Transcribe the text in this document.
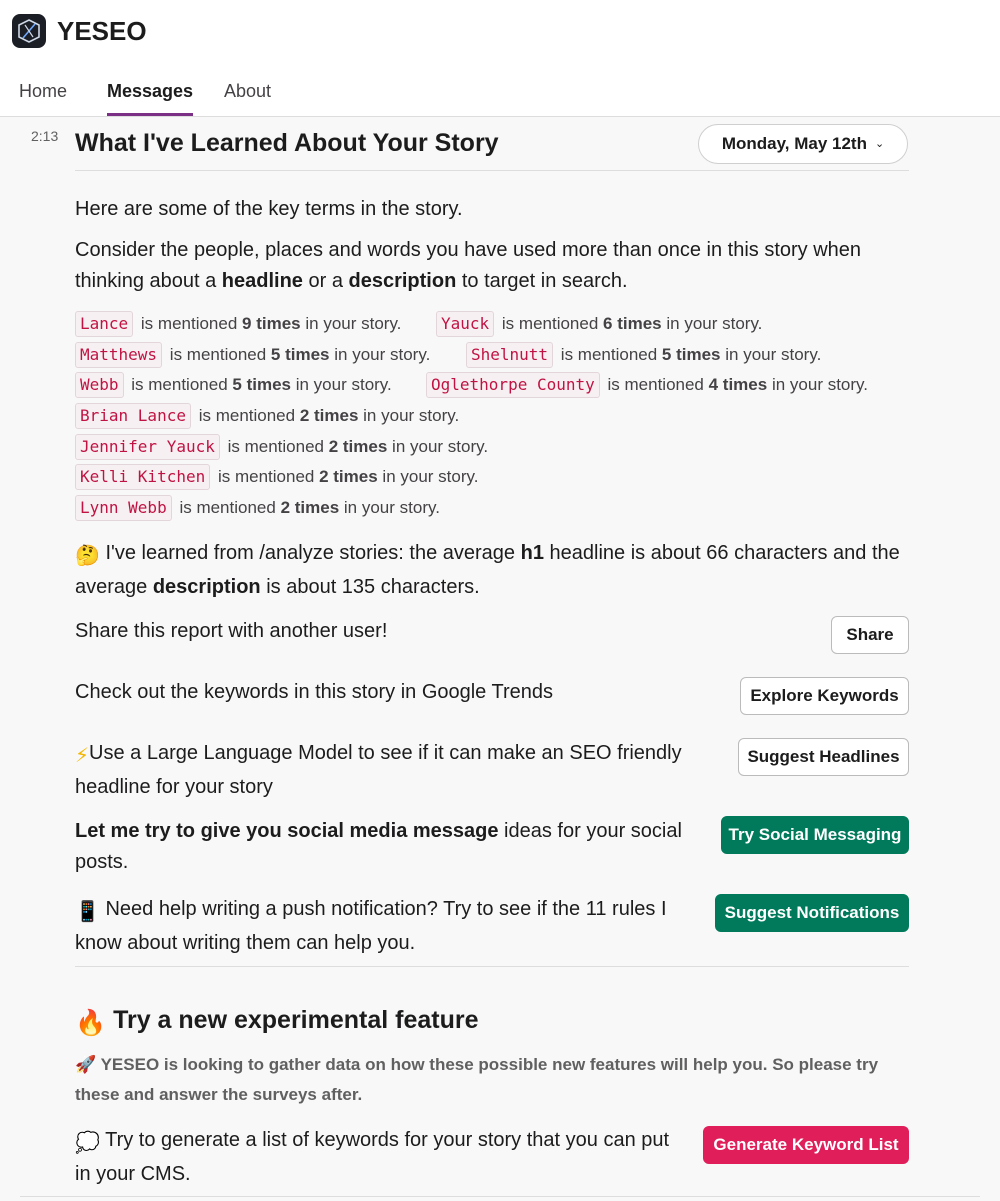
YESEO
Home Messages About
2:13 What I've Learned About Your Story	Monday, May 12th ⌄
Here are some of the key terms in the story.
Consider the people, places and words you have used more than once in this story when thinking about a headline or a description to target in search.
Lance is mentioned 9 times in your story.	Yauck is mentioned 6 times in your story.
Matthews is mentioned 5 times in your story.	Shelnutt is mentioned 5 times in your story.
Webb is mentioned 5 times in your story.	Oglethorpe County is mentioned 4 times in your story.
Brian Lance is mentioned 2 times in your story.
Jennifer Yauck is mentioned 2 times in your story.
Kelli Kitchen is mentioned 2 times in your story.
Lynn Webb is mentioned 2 times in your story.
🤔 I've learned from /analyze stories: the average h1 headline is about 66 characters and the average description is about 135 characters.
Share this report with another user!	Share
Check out the keywords in this story in Google Trends	Explore Keywords
⚡Use a Large Language Model to see if it can make an SEO friendly headline for your story
Suggest Headlines
Let me try to give you social media message ideas for your social posts.
Try Social Messaging
📱 Need help writing a push notification? Try to see if the 11 rules I know about writing them can help you.
Suggest Notifications
🔥 Try a new experimental feature
🚀 YESEO is looking to gather data on how these possible new features will help you. So please try these and answer the surveys after.
💭 Try to generate a list of keywords for your story that you can put in your CMS.
Generate Keyword List
